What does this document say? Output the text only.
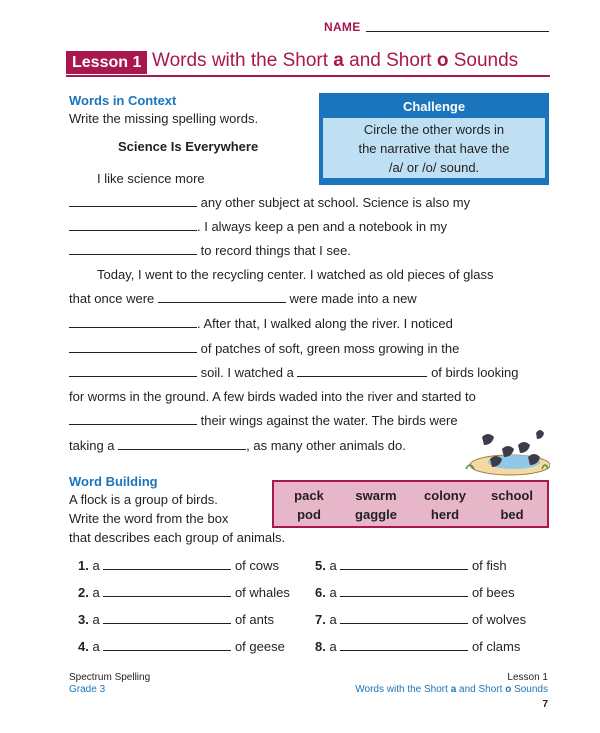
NAME
Lesson 1 Words with the Short a and Short o Sounds
Words in Context
Write the missing spelling words.
Science Is Everywhere
Challenge
Circle the other words in
the narrative that have the
/a/ or /o/ sound.
I like science more
any other subject at school. Science is also my
. I always keep a pen and a notebook in my
to record things that I see.
Today, I went to the recycling center. I watched as old pieces of glass
that once were	were made into a new
. After that, I walked along the river. I noticed
of patches of soft, green moss growing in the
soil. I watched a	of birds looking
for worms in the ground. A few birds waded into the river and started to
their wings against the water. The birds were
taking a	, as many other animals do.
Word Building
A flock is a group of birds.
Write the word from the box
that describes each group of animals.
pack	swarm	colony	school
pod	gaggle	herd	bed
1. a	of cows
2. a	of whales
3. a	of ants
4. a	of geese
5. a	of fish
6. a	of bees
7. a	of wolves
8. a	of clams
Spectrum Spelling
Grade 3
Lesson 1
Words with the Short a and Short o Sounds
7
